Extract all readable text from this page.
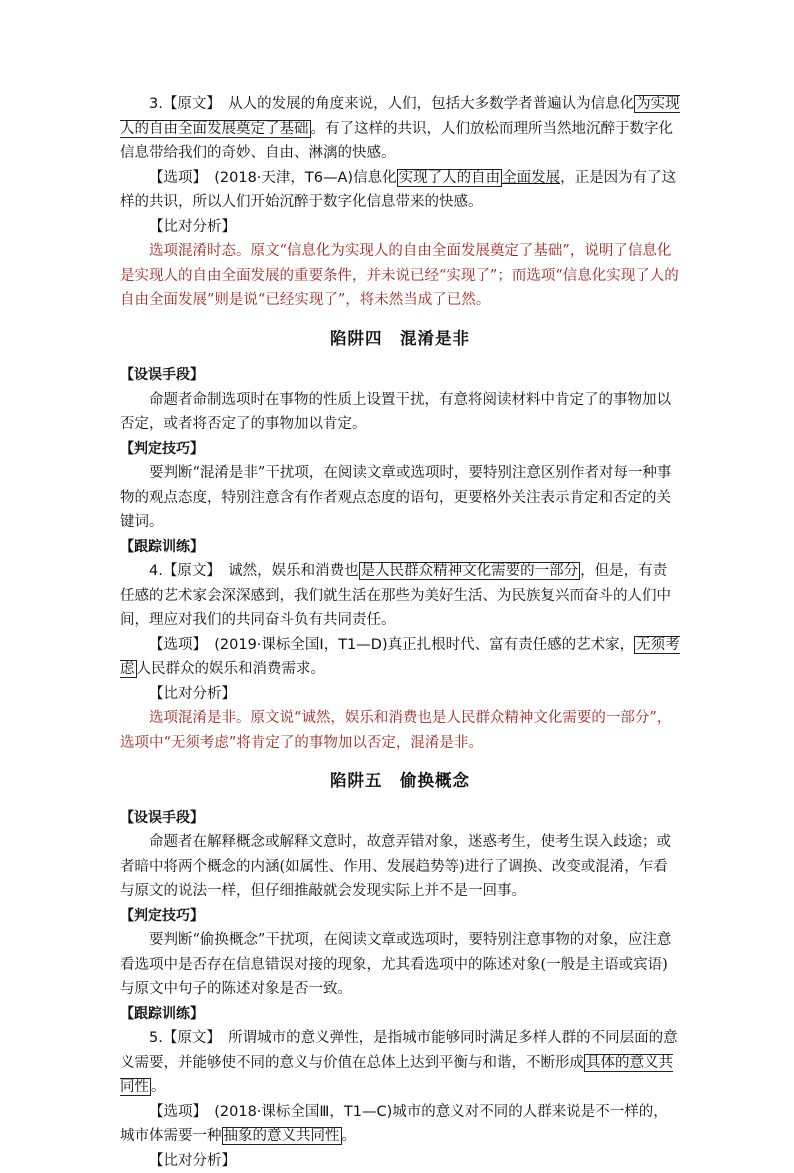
3.【原文】　从人的发展的角度来说，人们，包括大多数学者普遍认为信息化 为实现人的自由全面发展奠定了基础 。有了这样的共识，人们放松而理所当然地沉醉于数字化信息带给我们的奇妙、自由、淋漓的快感。

【选项】　(2018·天津，T6—A)信息化 实现了人的自由 全面发展，正是因为有了这样的共识，所以人们开始沉醉于数字化信息带来的快感。

【比对分析】

选项混淆时态。原文“信息化为实现人的自由全面发展奠定了基础”，说明了信息化是实现人的自由全面发展的重要条件，并未说已经“实现了”；而选项“信息化实现了人的自由全面发展”则是说“已经实现了”，将未然当成了已然。

陷阱四　混淆是非

【设误手段】

命题者命制选项时在事物的性质上设置干扰，有意将阅读材料中肯定了的事物加以否定，或者将否定了的事物加以肯定。

【判定技巧】

要判断“混淆是非”干扰项，在阅读文章或选项时，要特别注意区别作者对每一种事物的观点态度，特别注意含有作者观点态度的语句，更要格外关注表示肯定和否定的关键词。

【跟踪训练】

4.【原文】　诚然，娱乐和消费也 是人民群众精神文化需要的一部分 ，但是，有责任感的艺术家会深深感到，我们就生活在那些为美好生活、为民族复兴而奋斗的人们中间，理应对我们的共同奋斗负有共同责任。

【选项】　(2019·课标全国Ⅰ，T1—D)真正扎根时代、富有责任感的艺术家， 无须考虑 人民群众的娱乐和消费需求。

【比对分析】

选项混淆是非。原文说“诚然，娱乐和消费也是人民群众精神文化需要的一部分”，选项中“无须考虑”将肯定了的事物加以否定，混淆是非。

陷阱五　偷换概念

【设误手段】

命题者在解释概念或解释文意时，故意弄错对象，迷惑考生，使考生误入歧途；或者暗中将两个概念的内涵(如属性、作用、发展趋势等)进行了调换、改变或混淆，乍看与原文的说法一样，但仔细推敲就会发现实际上并不是一回事。

【判定技巧】

要判断“偷换概念”干扰项，在阅读文章或选项时，要特别注意事物的对象，应注意看选项中是否存在信息错误对接的现象，尤其看选项中的陈述对象(一般是主语或宾语)与原文中句子的陈述对象是否一致。

【跟踪训练】

5.【原文】　所谓城市的意义弹性，是指城市能够同时满足多样人群的不同层面的意义需要，并能够使不同的意义与价值在总体上达到平衡与和谐，不断形成 具体的意义共同性 。

【选项】　(2018·课标全国Ⅲ，T1—C)城市的意义对不同的人群来说是不一样的，城市体需要一种 抽象的意义共同性 。

【比对分析】
